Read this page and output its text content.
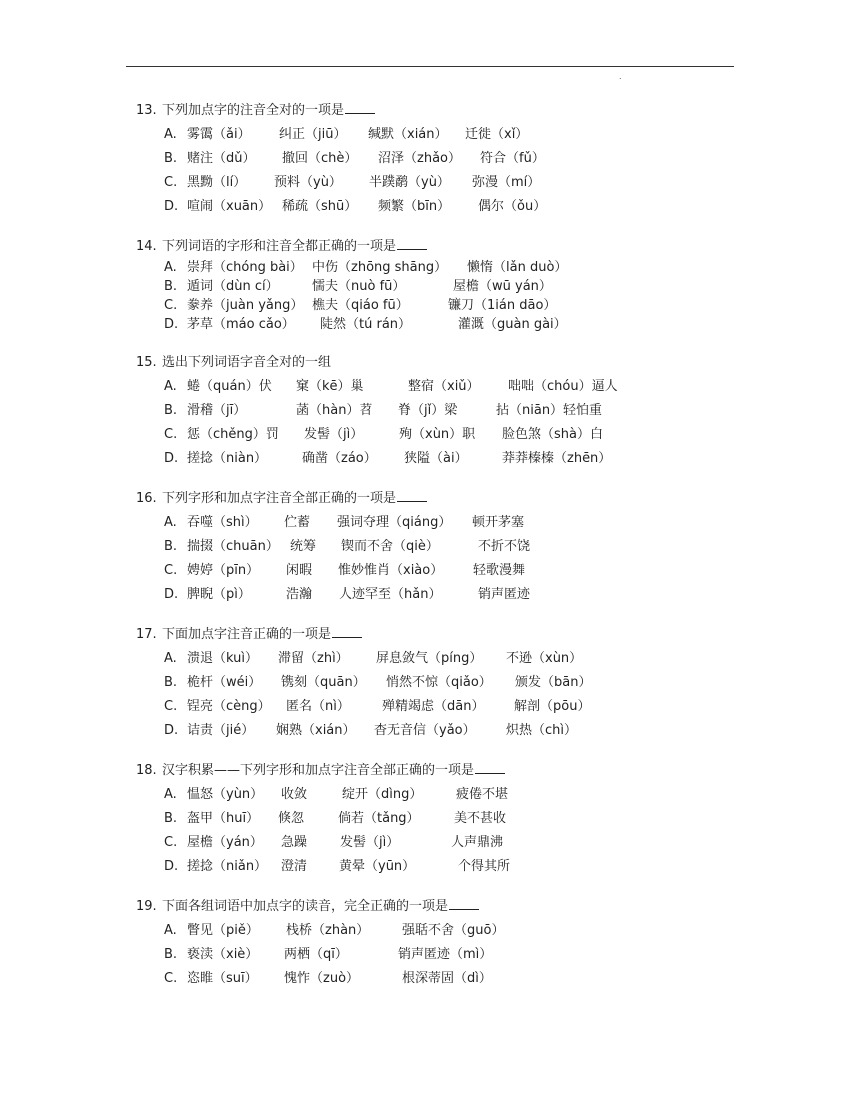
.
13. 下列加点字的注音全对的一项是
A. 雾霭（ǎi） 纠正（jiū） 缄默（xián） 迁徙（xǐ）
B. 赌注（dǔ） 撤回（chè） 沼泽（zhǎo） 符合（fǔ）
C. 黑黝（lí） 预料（yù） 半蹼鹬（yù） 弥漫（mí）
D. 喧闹（xuān） 稀疏（shū） 频繁（bīn） 偶尔（ǒu）
14. 下列词语的字形和注音全都正确的一项是
A. 崇拜（chóng bài） 中伤（zhōng shāng） 懒惰（lǎn duò）
B. 遁词（dùn cí）	懦夫（nuò fū）	屋檐（wū yán）
C. 豢养（juàn yǎng） 樵夫（qiáo fū）	镰刀（1ián dāo）
D. 茅草（máo cǎo） 陡然（tú rán）	灌溉（guàn gài）
15. 选出下列词语字音全对的一组
A. 蜷（quán）伏 窠（kē）巢	整宿（xiǔ） 咄咄（chóu）逼人
B. 滑稽（jī）	菡（hàn）苕 脊（jǐ）梁	拈（niān）轻怕重
C. 惩（chěng）罚 发髻（jì）	殉（xùn）职 脸色煞（shà）白
D. 搓捻（niàn）	确凿（záo） 狭隘（ài）	莽莽榛榛（zhēn）
16. 下列字形和加点字注音全部正确的一项是
A. 吞噬（shì） 伫蓄 强词夺理（qiáng） 顿开茅塞
B. 揣掇（chuān） 统筹 锲而不舍（qiè）	不折不饶
C. 娉婷（pīn） 闲暇 惟妙惟肖（xiào） 轻歌漫舞
D. 脾睨（pì）	浩瀚 人迹罕至（hǎn）	销声匿迹
17. 下面加点字注音正确的一项是
A. 溃退（kuì） 滞留（zhì） 屏息敛气（píng） 不逊（xùn）
B. 桅杆（wéi） 镌刻（quān） 悄然不惊（qiǎo） 颁发（bān）
C. 锃亮（cèng） 匿名（nì） 殚精竭虑（dān） 解剖（pōu）
D. 诘责（jié） 娴熟（xián） 杳无音信（yǎo） 炽热（chì）
18. 汉字积累——下列字形和加点字注音全部正确的一项是
A. 愠怒（yùn） 收敛	绽开（dìng）	疲倦不堪
B. 盔甲（huī） 倏忽	倘若（tǎng）	美不甚收
C. 屋檐（yán） 急躁	发髻（jì）	人声鼎沸
D. 搓捻（niǎn） 澄清 黄晕（yūn）	个得其所
19. 下面各组词语中加点字的读音，完全正确的一项是
A. 瞥见（piě） 栈桥（zhàn）	强聒不舍（guō）
B. 亵渎（xiè） 两栖（qī）	销声匿迹（mì）
C. 恣睢（suī） 愧怍（zuò）	根深蒂固（dì）
